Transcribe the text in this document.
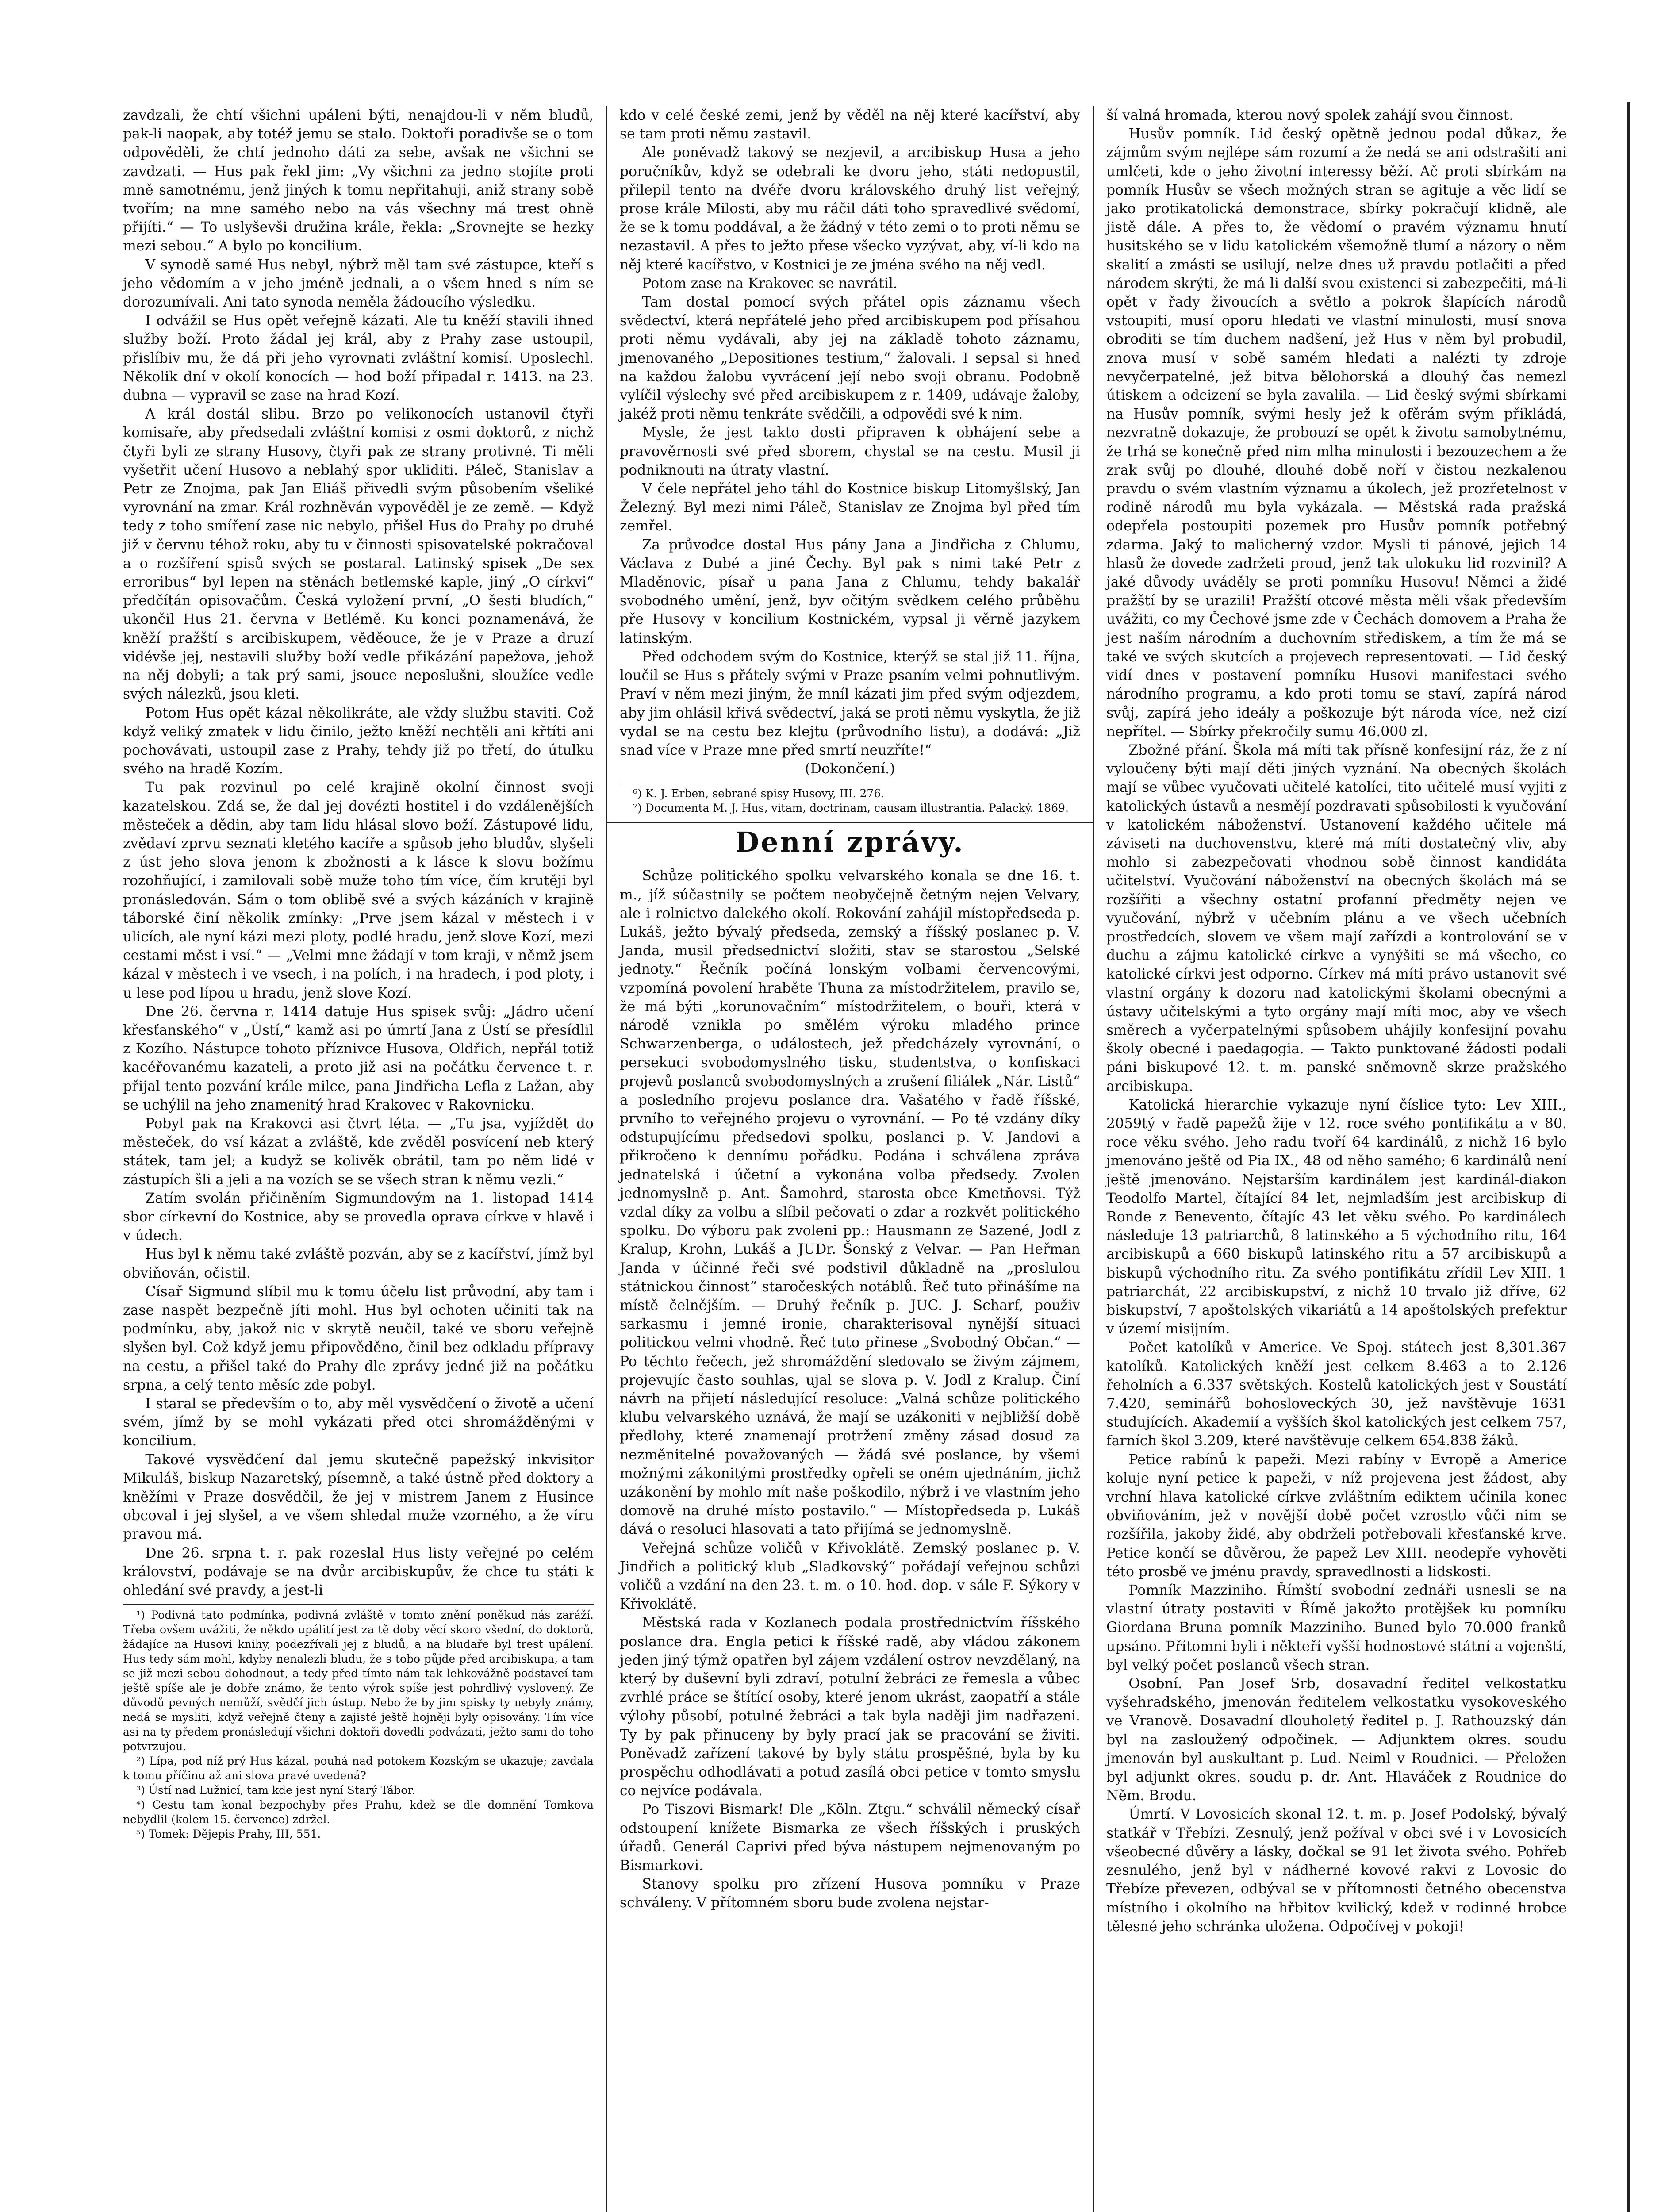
zavdzali, že chtí všichni upáleni býti, nenajdou-li v něm bludů, pak-li naopak, aby totéž jemu se stalo. Doktoři poradivše se o tom odpověděli, že chtí jednoho dáti za sebe, avšak ne všichni se zavdzati. — Hus pak řekl jim: „Vy všichni za jedno stojíte proti mně samotnému, jenž jiných k tomu nepřitahuji, aniž strany sobě tvořím; na mne samého nebo na vás všechny má trest ohně přijíti.“ — To uslyševši družina krále, řekla: „Srovnejte se hezky mezi sebou.“ A bylo po koncilium.

V synodě samé Hus nebyl, nýbrž měl tam své zástupce, kteří s jeho vědomím a v jeho jméně jednali, a o všem hned s ním se dorozumívali. Ani tato synoda neměla žádoucího výsledku.

I odvážil se Hus opět veřejně kázati. Ale tu kněží stavili ihned služby boží. Proto žádal jej král, aby z Prahy zase ustoupil, přislíbiv mu, že dá při jeho vyrovnati zvláštní komisí. Uposlechl. Několik dní v okolí konocích — hod boží připadal r. 1413. na 23. dubna — vypravil se zase na hrad Kozí.

A král dostál slibu. Brzo po velikonocích ustanovil čtyři komisaře, aby předsedali zvláštní komisi z osmi doktorů, z nichž čtyři byli ze strany Husovy, čtyři pak ze strany protivné. Ti měli vyšetřit učení Husovo a neblahý spor ukliditi. Páleč, Stanislav a Petr ze Znojma, pak Jan Eliáš přivedli svým působením všeliké vyrovnání na zmar. Král rozhněván vypověděl je ze země. — Když tedy z toho smíření zase nic nebylo, přišel Hus do Prahy po druhé již v červnu téhož roku, aby tu v činnosti spisovatelské pokračoval a o rozšíření spisů svých se postaral. Latinský spisek „De sex erroribus“ byl lepen na stěnách betlemské kaple, jiný „O církvi“ předčítán opisovačům. Česká vyložení první, „O šesti bludích,“ ukončil Hus 21. června v Betlémě. Ku konci poznamenává, že kněží pražští s arcibiskupem, věděouce, že je v Praze a druzí vidévše jej, nestavili služby boží vedle přikázání papežova, jehož na něj dobyli; a tak prý sami, jsouce neposlušni, sloužíce vedle svých nálezků, jsou kleti.

Potom Hus opět kázal několikráte, ale vždy službu staviti. Což když veliký zmatek v lidu činilo, ježto kněží nechtěli ani křtíti ani pochovávati, ustoupil zase z Prahy, tehdy již po třetí, do útulku svého na hradě Kozím.

Tu pak rozvinul po celé krajině okolní činnost svoji kazatelskou. Zdá se, že dal jej dovézti hostitel i do vzdálenějších městeček a dědin, aby tam lidu hlásal slovo boží. Zástupové lidu, zvědaví zprvu seznati kletého kacíře a spůsob jeho bludův, slyšeli z úst jeho slova jenom k zbožnosti a k lásce k slovu božímu rozohňující, i zamilovali sobě muže toho tím více, čím krutěji byl pronásledován. Sám o tom oblibě své a svých kázáních v krajině táborské činí několik zmínky: „Prve jsem kázal v městech i v ulicích, ale nyní kázi mezi ploty, podlé hradu, jenž slove Kozí, mezi cestami měst i vsí.“ — „Velmi mne žádají v tom kraji, v němž jsem kázal v městech i ve vsech, i na polích, i na hradech, i pod ploty, i u lese pod lípou u hradu, jenž slove Kozí.

Dne 26. června r. 1414 datuje Hus spisek svůj: „Jádro učení křesťanského“ v „Ústí,“ kamž asi po úmrtí Jana z Ústí se přesídlil z Kozího. Nástupce tohoto příznivce Husova, Oldřich, nepřál totiž kacéřovanému kazateli, a proto již asi na počátku července t. r. přijal tento pozvání krále milce, pana Jindřicha Lefla z Lažan, aby se uchýlil na jeho znamenitý hrad Krakovec v Rakovnicku.

Pobyl pak na Krakovci asi čtvrt léta. — „Tu jsa, vyjíždět do městeček, do vsí kázat a zvláště, kde zvěděl posvícení neb který státek, tam jel; a kudyž se kolivěk obrátil, tam po něm lidé v zástupích šli a jeli a na vozích se se všech stran k němu vezli.“

Zatím svolán přičiněním Sigmundovým na 1. listopad 1414 sbor církevní do Kostnice, aby se provedla oprava církve v hlavě i v údech.

Hus byl k němu také zvláště pozván, aby se z kacířství, jímž byl obviňován, očistil.

Císař Sigmund slíbil mu k tomu účelu list průvodní, aby tam i zase naspět bezpečně jíti mohl. Hus byl ochoten učiniti tak na podmínku, aby, jakož nic v skrytě neučil, také ve sboru veřejně slyšen byl. Což když jemu připověděno, činil bez odkladu přípravy na cestu, a přišel také do Prahy dle zprávy jedné již na počátku srpna, a celý tento měsíc zde pobyl.

I staral se především o to, aby měl vysvědčení o životě a učení svém, jímž by se mohl vykázati před otci shromážděnými v koncilium.

Takové vysvědčení dal jemu skutečně papežský inkvisitor Mikuláš, biskup Nazaretský, písemně, a také ústně před doktory a kněžími v Praze dosvědčil, že jej v mistrem Janem z Husince obcoval i jej slyšel, a ve všem shledal muže vzorného, a že víru pravou má.

Dne 26. srpna t. r. pak rozeslal Hus listy veřejné po celém království, podávaje se na dvůr arcibiskupův, že chce tu státi k ohledání své pravdy, a jest-li

¹) Podivná tato podmínka, podivná zvláště v tomto znění poněkud nás zaráží. Třeba ovšem uvážiti, že někdo upálití jest za tě doby věcí skoro všední, do doktorů, žádajíce na Husovi knihy, podezřívali jej z bludů, a na bludaře byl trest upálení. Hus tedy sám mohl, kdyby nenalezli bludu, že s tobo půjde před arcibiskupa, a tam se již mezi sebou dohodnout, a tedy před tímto nám tak lehkovážně podstaveí tam ještě spíše ale je dobře známo, že tento výrok spíše jest pohrdlivý vyslovený. Ze důvodů pevných nemůží, svědčí jich ústup. Nebo že by jim spisky ty nebyly známy, nedá se mysliti, když veřejně čteny a zajisté ještě hojněji byly opisovány. Tím více asi na ty předem pronásledují všichni doktoři dovedli podvázati, ježto sami do toho potvrzujou.
²) Lípa, pod níž prý Hus kázal, pouhá nad potokem Kozským se ukazuje; zavdala k tomu příčinu až ani slova pravé uvedená?
³) Ústí nad Lužnicí, tam kde jest nyní Starý Tábor.
⁴) Cestu tam konal bezpochyby přes Prahu, kdež se dle domnění Tomkova nebydlil (kolem 15. července) zdržel.
⁵) Tomek: Dějepis Prahy, III, 551.

kdo v celé české zemi, jenž by věděl na něj které kacířství, aby se tam proti němu zastavil.

Ale poněvadž takový se nezjevil, a arcibiskup Husa a jeho poručníkův, když se odebrali ke dvoru jeho, státi nedopustil, přilepil tento na dvéře dvoru královského druhý list veřejný, prose krále Milosti, aby mu ráčil dáti toho spravedlivé svědomí, že se k tomu poddával, a že žádný v této zemi o to proti němu se nezastavil. A přes to ježto přese všecko vyzývat, aby, ví-li kdo na něj které kacířstvo, v Kostnici je ze jména svého na něj vedl.

Potom zase na Krakovec se navrátil.

Tam dostal pomocí svých přátel opis záznamu všech svědectví, která nepřátelé jeho před arcibiskupem pod přísahou proti němu vydávali, aby jej na základě tohoto záznamu, jmenovaného „Depositiones testium,“ žalovali. I sepsal si hned na každou žalobu vyvrácení její nebo svoji obranu. Podobně vylíčil výslechy své před arcibiskupem z r. 1409, udávaje žaloby, jakéž proti němu tenkráte svědčili, a odpovědi své k nim.

Mysle, že jest takto dosti připraven k obhájení sebe a pravověrnosti své před sborem, chystal se na cestu. Musil ji podniknouti na útraty vlastní.

V čele nepřátel jeho táhl do Kostnice biskup Litomyšlský, Jan Železný. Byl mezi nimi Páleč, Stanislav ze Znojma byl před tím zemřel.

Za průvodce dostal Hus pány Jana a Jindřicha z Chlumu, Václava z Dubé a jiné Čechy. Byl pak s nimi také Petr z Mladěnovic, písař u pana Jana z Chlumu, tehdy bakalář svobodného umění, jenž, byv očitým svědkem celého průběhu pře Husovy v koncilium Kostnickém, vypsal ji věrně jazykem latinským.

Před odchodem svým do Kostnice, kterýž se stal již 11. října, loučil se Hus s přátely svými v Praze psaním velmi pohnutlivým. Praví v něm mezi jiným, že mníl kázati jim před svým odjezdem, aby jim ohlásil křivá svědectví, jaká se proti němu vyskytla, že již vydal se na cestu bez klejtu (průvodního listu), a dodává: „Již snad více v Praze mne před smrtí neuzříte!“

(Dokončení.)

⁶) K. J. Erben, sebrané spisy Husovy, III. 276.
⁷) Documenta M. J. Hus, vitam, doctrinam, causam illustrantia. Palacký. 1869.
Denní zprávy.

Schůze politického spolku velvarského konala se dne 16. t. m., jíž súčastnily se počtem neobyčejně četným nejen Velvary, ale i rolnictvo dalekého okolí. Rokování zahájil místopředseda p. Lukáš, ježto bývalý předseda, zemský a říšský poslanec p. V. Janda, musil předsednictví složiti, stav se starostou „Selské jednoty.“ Řečník počíná lonským volbami červencovými, vzpomíná povolení hraběte Thuna za místodržitelem, pravilo se, že má býti „korunovačním“ místodržitelem, o bouři, která v národě vznikla po smělém výroku mladého prince Schwarzenberga, o událostech, jež předcházely vyrovnání, o persekuci svobodomyslného tisku, studentstva, o konfiskaci projevů poslanců svobodomyslných a zrušení filiálek „Nár. Listů“ a posledního projevu poslance dra. Vašatého v řadě říšské, prvního to veřejného projevu o vyrovnání. — Po té vzdány díky odstupujícímu předsedovi spolku, poslanci p. V. Jandovi a přikročeno k dennímu pořádku. Podána i schválena zpráva jednatelská i účetní a vykonána volba předsedy. Zvolen jednomyslně p. Ant. Šamohrd, starosta obce Kmetňovsi. Týž vzdal díky za volbu a slíbil pečovati o zdar a rozkvět politického spolku. Do výboru pak zvoleni pp.: Hausmann ze Sazené, Jodl z Kralup, Krohn, Lukáš a JUDr. Šonský z Velvar. — Pan Heřman Janda v účinné řeči své podstivil důkladně na „proslulou státnickou činnost“ staročeských notáblů. Řeč tuto přinášíme na místě čelnějším. — Druhý řečník p. JUC. J. Scharf, použiv sarkasmu i jemné ironie, charakterisoval nynější situaci politickou velmi vhodně. Řeč tuto přinese „Svobodný Občan.“ — Po těchto řečech, jež shromáždění sledovalo se živým zájmem, projevujíc často souhlas, ujal se slova p. V. Jodl z Kralup. Činí návrh na přijetí následující resoluce: „Valná schůze politického klubu velvarského uznává, že mají se uzákoniti v nejbližší době předlohy, které znamenají protržení změny zásad dosud za nezměnitelné považovaných — žádá své poslance, by všemi možnými zákonitými prostředky opřeli se oném ujednáním, jichž uzákonění by mohlo mít naše poškodilo, nýbrž i ve vlastním jeho domově na druhé místo postavilo.“ — Místopředseda p. Lukáš dává o resoluci hlasovati a tato přijímá se jednomyslně.

Veřejná schůze voličů v Křivoklátě. Zemský poslanec p. V. Jindřich a politický klub „Sladkovský“ pořádají veřejnou schůzi voličů a vzdání na den 23. t. m. o 10. hod. dop. v sále F. Sýkory v Křivoklátě.

Městská rada v Kozlanech podala prostřednictvím říšského poslance dra. Engla petici k říšské radě, aby vládou zákonem jeden jiný týmž opatřen byl zájem vzdálení ostrov nevzdělaný, na který by duševní byli zdraví, potulní žebráci ze řemesla a vůbec zvrhlé práce se štítící osoby, které jenom ukrást, zaopatří a stále výlohy působí, potulné žebráci a tak byla naději jim nadřazeni. Ty by pak přinuceny by byly prací jak se pracování se živiti. Poněvadž zařízení takové by byly státu prospěšné, byla by ku prospěchu odhodlávati a potud zasílá obci petice v tomto smyslu co nejvíce podávala.

Po Tiszovi Bismark! Dle „Köln. Ztgu.“ schválil německý císař odstoupení knížete Bismarka ze všech říšských i pruských úřadů. Generál Caprivi před býva nástupem nejmenovaným po Bismarkovi.

Stanovy spolku pro zřízení Husova pomníku v Praze schváleny. V přítomném sboru bude zvolena nejstar-

ší valná hromada, kterou nový spolek zahájí svou činnost.

Husův pomník. Lid český opětně jednou podal důkaz, že zájmům svým nejlépe sám rozumí a že nedá se ani odstrašiti ani umlčeti, kde o jeho životní interessy běží. Ač proti sbírkám na pomník Husův se všech možných stran se agituje a věc lidí se jako protikatolická demonstrace, sbírky pokračují klidně, ale jistě dále. A přes to, že vědomí o pravém významu hnutí husitského se v lidu katolickém všemožně tlumí a názory o něm skalití a zmásti se usilují, nelze dnes už pravdu potlačiti a před národem skrýti, že má li další svou existenci si zabezpečiti, má-li opět v řady živoucích a světlo a pokrok šlapících národů vstoupiti, musí oporu hledati ve vlastní minulosti, musí snova obroditi se tím duchem nadšení, jež Hus v něm byl probudil, znova musí v sobě samém hledati a nalézti ty zdroje nevyčerpatelné, jež bitva bělohorská a dlouhý čas nemezl útiskem a odcizení se byla zavalila. — Lid český svými sbírkami na Husův pomník, svými hesly jež k ofěrám svým přikládá, nezvratně dokazuje, že probouzí se opět k životu samobytnému, že trhá se konečně před nim mlha minulosti i bezouzechem a že zrak svůj po dlouhé, dlouhé době noří v čistou nezkalenou pravdu o svém vlastním významu a úkolech, jež prozřetelnost v rodině národů mu byla vykázala. — Městská rada pražská odepřela postoupiti pozemek pro Husův pomník potřebný zdarma. Jaký to malicherný vzdor. Mysli ti pánové, jejich 14 hlasů že dovede zadržeti proud, jenž tak ulokuku lid rozvinil? A jaké důvody uváděly se proti pomníku Husovu! Němci a židé pražští by se urazili! Pražští otcové města měli však především uvážiti, co my Čechové jsme zde v Čechách domovem a Praha že jest naším národním a duchovním střediskem, a tím že má se také ve svých skutcích a projevech representovati. — Lid český vidí dnes v postavení pomníku Husovi manifestaci svého národního programu, a kdo proti tomu se staví, zapírá národ svůj, zapírá jeho ideály a poškozuje být národa více, než cizí nepřítel. — Sbírky překročily sumu 46.000 zl.

Zbožné přání. Škola má míti tak přísně konfesijní ráz, že z ní vyloučeny býti mají děti jiných vyznání. Na obecných školách mají se vůbec vyučovati učitelé katolíci, tito učitelé musí vyjiti z katolických ústavů a nesmějí pozdravati spůsobilosti k vyučování v katolickém náboženství. Ustanovení každého učitele má záviseti na duchovenstvu, které má míti dostatečný vliv, aby mohlo si zabezpečovati vhodnou sobě činnost kandidáta učitelství. Vyučování náboženství na obecných školách má se rozšířiti a všechny ostatní profanní předměty nejen ve vyučování, nýbrž v učebním plánu a ve všech učebních prostředcích, slovem ve všem mají zařízdi a kontrolování se v duchu a zájmu katolické církve a vynýšiti se má všecho, co katolické církvi jest odporno. Církev má míti právo ustanovit své vlastní orgány k dozoru nad katolickými školami obecnými a ústavy učitelskými a tyto orgány mají míti moc, aby ve všech směrech a vyčerpatelnými spůsobem uhájily konfesijní povahu školy obecné i paedagogia. — Takto punktované žádosti podali páni biskupové 12. t. m. panské sněmovně skrze pražského arcibiskupa.

Katolická hierarchie vykazuje nyní číslice tyto: Lev XIII., 2059tý v řadě papežů žije v 12. roce svého pontifikátu a v 80. roce věku svého. Jeho radu tvoří 64 kardinálů, z nichž 16 bylo jmenováno ještě od Pia IX., 48 od něho samého; 6 kardinálů není ještě jmenováno. Nejstarším kardinálem jest kardinál-diakon Teodolfo Martel, čítající 84 let, nejmladším jest arcibiskup di Ronde z Benevento, čítajíc 43 let věku svého. Po kardinálech následuje 13 patriarchů, 8 latinského a 5 východního ritu, 164 arcibiskupů a 660 biskupů latinského ritu a 57 arcibiskupů a biskupů východního ritu. Za svého pontifikátu zřídil Lev XIII. 1 patriarchát, 22 arcibiskupství, z nichž 10 trvalo již dříve, 62 biskupství, 7 apoštolských vikariátů a 14 apoštolských prefektur v území misijním.

Počet katolíků v Americe. Ve Spoj. státech jest 8,301.367 katolíků. Katolických kněží jest celkem 8.463 a to 2.126 řeholních a 6.337 světských. Kostelů katolických jest v Soustátí 7.420, seminářů bohosloveckých 30, jež navštěvuje 1631 studujících. Akademií a vyšších škol katolických jest celkem 757, farních škol 3.209, které navštěvuje celkem 654.838 žáků.

Petice rabínů k papeži. Mezi rabíny v Evropě a Americe koluje nyní petice k papeži, v níž projevena jest žádost, aby vrchní hlava katolické církve zvláštním ediktem učinila konec obviňováním, jež v novější době počet vzrostlo vůči nim se rozšířila, jakoby židé, aby obdrželi potřebovali křesťanské krve. Petice končí se důvěrou, že papež Lev XIII. neodepře vyhověti této prosbě ve jménu pravdy, spravedlnosti a lidskosti.

Pomník Mazziniho. Římští svobodní zednáři usnesli se na vlastní útraty postaviti v Římě jakožto protějšek ku pomníku Giordana Bruna pomník Mazziniho. Buned bylo 70.000 franků upsáno. Přítomni byli i někteří vyšší hodnostové státní a vojenští, byl velký počet poslanců všech stran.

Osobní. Pan Josef Srb, dosavadní ředitel velkostatku vyšehradského, jmenován ředitelem velkostatku vysokoveského ve Vranově. Dosavadní dlouholetý ředitel p. J. Rathouzský dán byl na zasloužený odpočinek. — Adjunktem okres. soudu jmenován byl auskultant p. Lud. Neiml v Roudnici. — Přeložen byl adjunkt okres. soudu p. dr. Ant. Hlaváček z Roudnice do Něm. Brodu.

Úmrtí. V Lovosicích skonal 12. t. m. p. Josef Podolský, bývalý statkář v Třebízi. Zesnulý, jenž požíval v obci své i v Lovosicích všeobecné důvěry a lásky, dočkal se 91 let života svého. Pohřeb zesnulého, jenž byl v nádherné kovové rakvi z Lovosic do Třebíze převezen, odbýval se v přítomnosti četného obecenstva místního i okolního na hřbitov kvilický, kdež v rodinné hrobce tělesné jeho schránka uložena. Odpočívej v pokoji!
